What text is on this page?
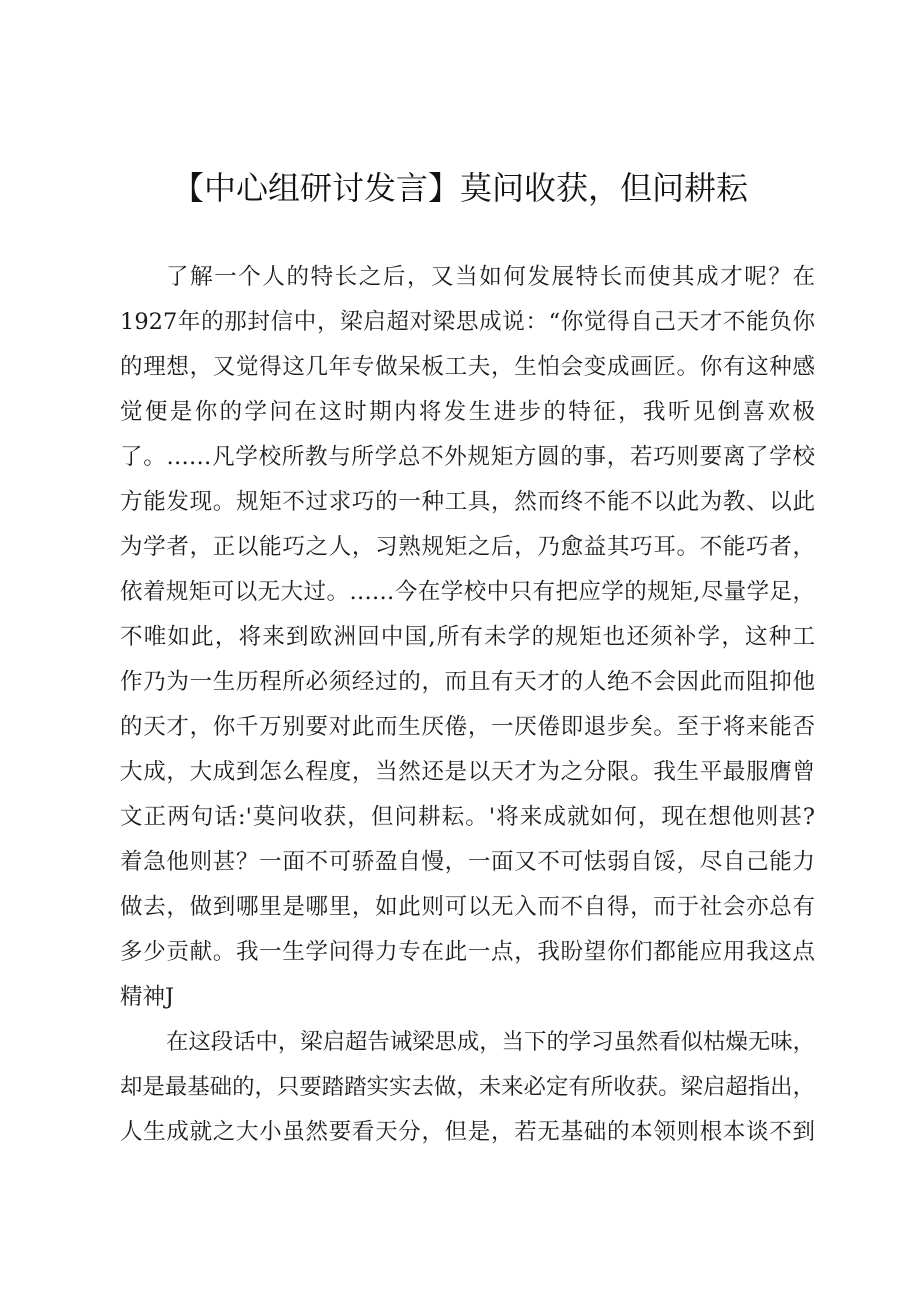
【中心组研讨发言】莫问收获，但问耕耘
了解一个人的特长之后，又当如何发展特长而使其成才呢？在
1927年的那封信中，梁启超对梁思成说：“你觉得自己天才不能负你
的理想，又觉得这几年专做呆板工夫，生怕会变成画匠。你有这种感
觉便是你的学问在这时期内将发生进步的特征，我听见倒喜欢极
了。……凡学校所教与所学总不外规矩方圆的事，若巧则要离了学校
方能发现。规矩不过求巧的一种工具，然而终不能不以此为教、以此
为学者，正以能巧之人，习熟规矩之后，乃愈益其巧耳。不能巧者，
依着规矩可以无大过。……今在学校中只有把应学的规矩,尽量学足，
不唯如此，将来到欧洲回中国,所有未学的规矩也还须补学，这种工
作乃为一生历程所必须经过的，而且有天才的人绝不会因此而阻抑他
的天才，你千万别要对此而生厌倦，一厌倦即退步矣。至于将来能否
大成，大成到怎么程度，当然还是以天才为之分限。我生平最服膺曾
文正两句话:'莫问收获，但问耕耘。'将来成就如何，现在想他则甚?
着急他则甚？一面不可骄盈自慢，一面又不可怯弱自馁，尽自己能力
做去，做到哪里是哪里，如此则可以无入而不自得，而于社会亦总有
多少贡献。我一生学问得力专在此一点，我盼望你们都能应用我这点
精神J
在这段话中，梁启超告诫梁思成，当下的学习虽然看似枯燥无味，
却是最基础的，只要踏踏实实去做，未来必定有所收获。梁启超指出，
人生成就之大小虽然要看天分，但是，若无基础的本领则根本谈不到
